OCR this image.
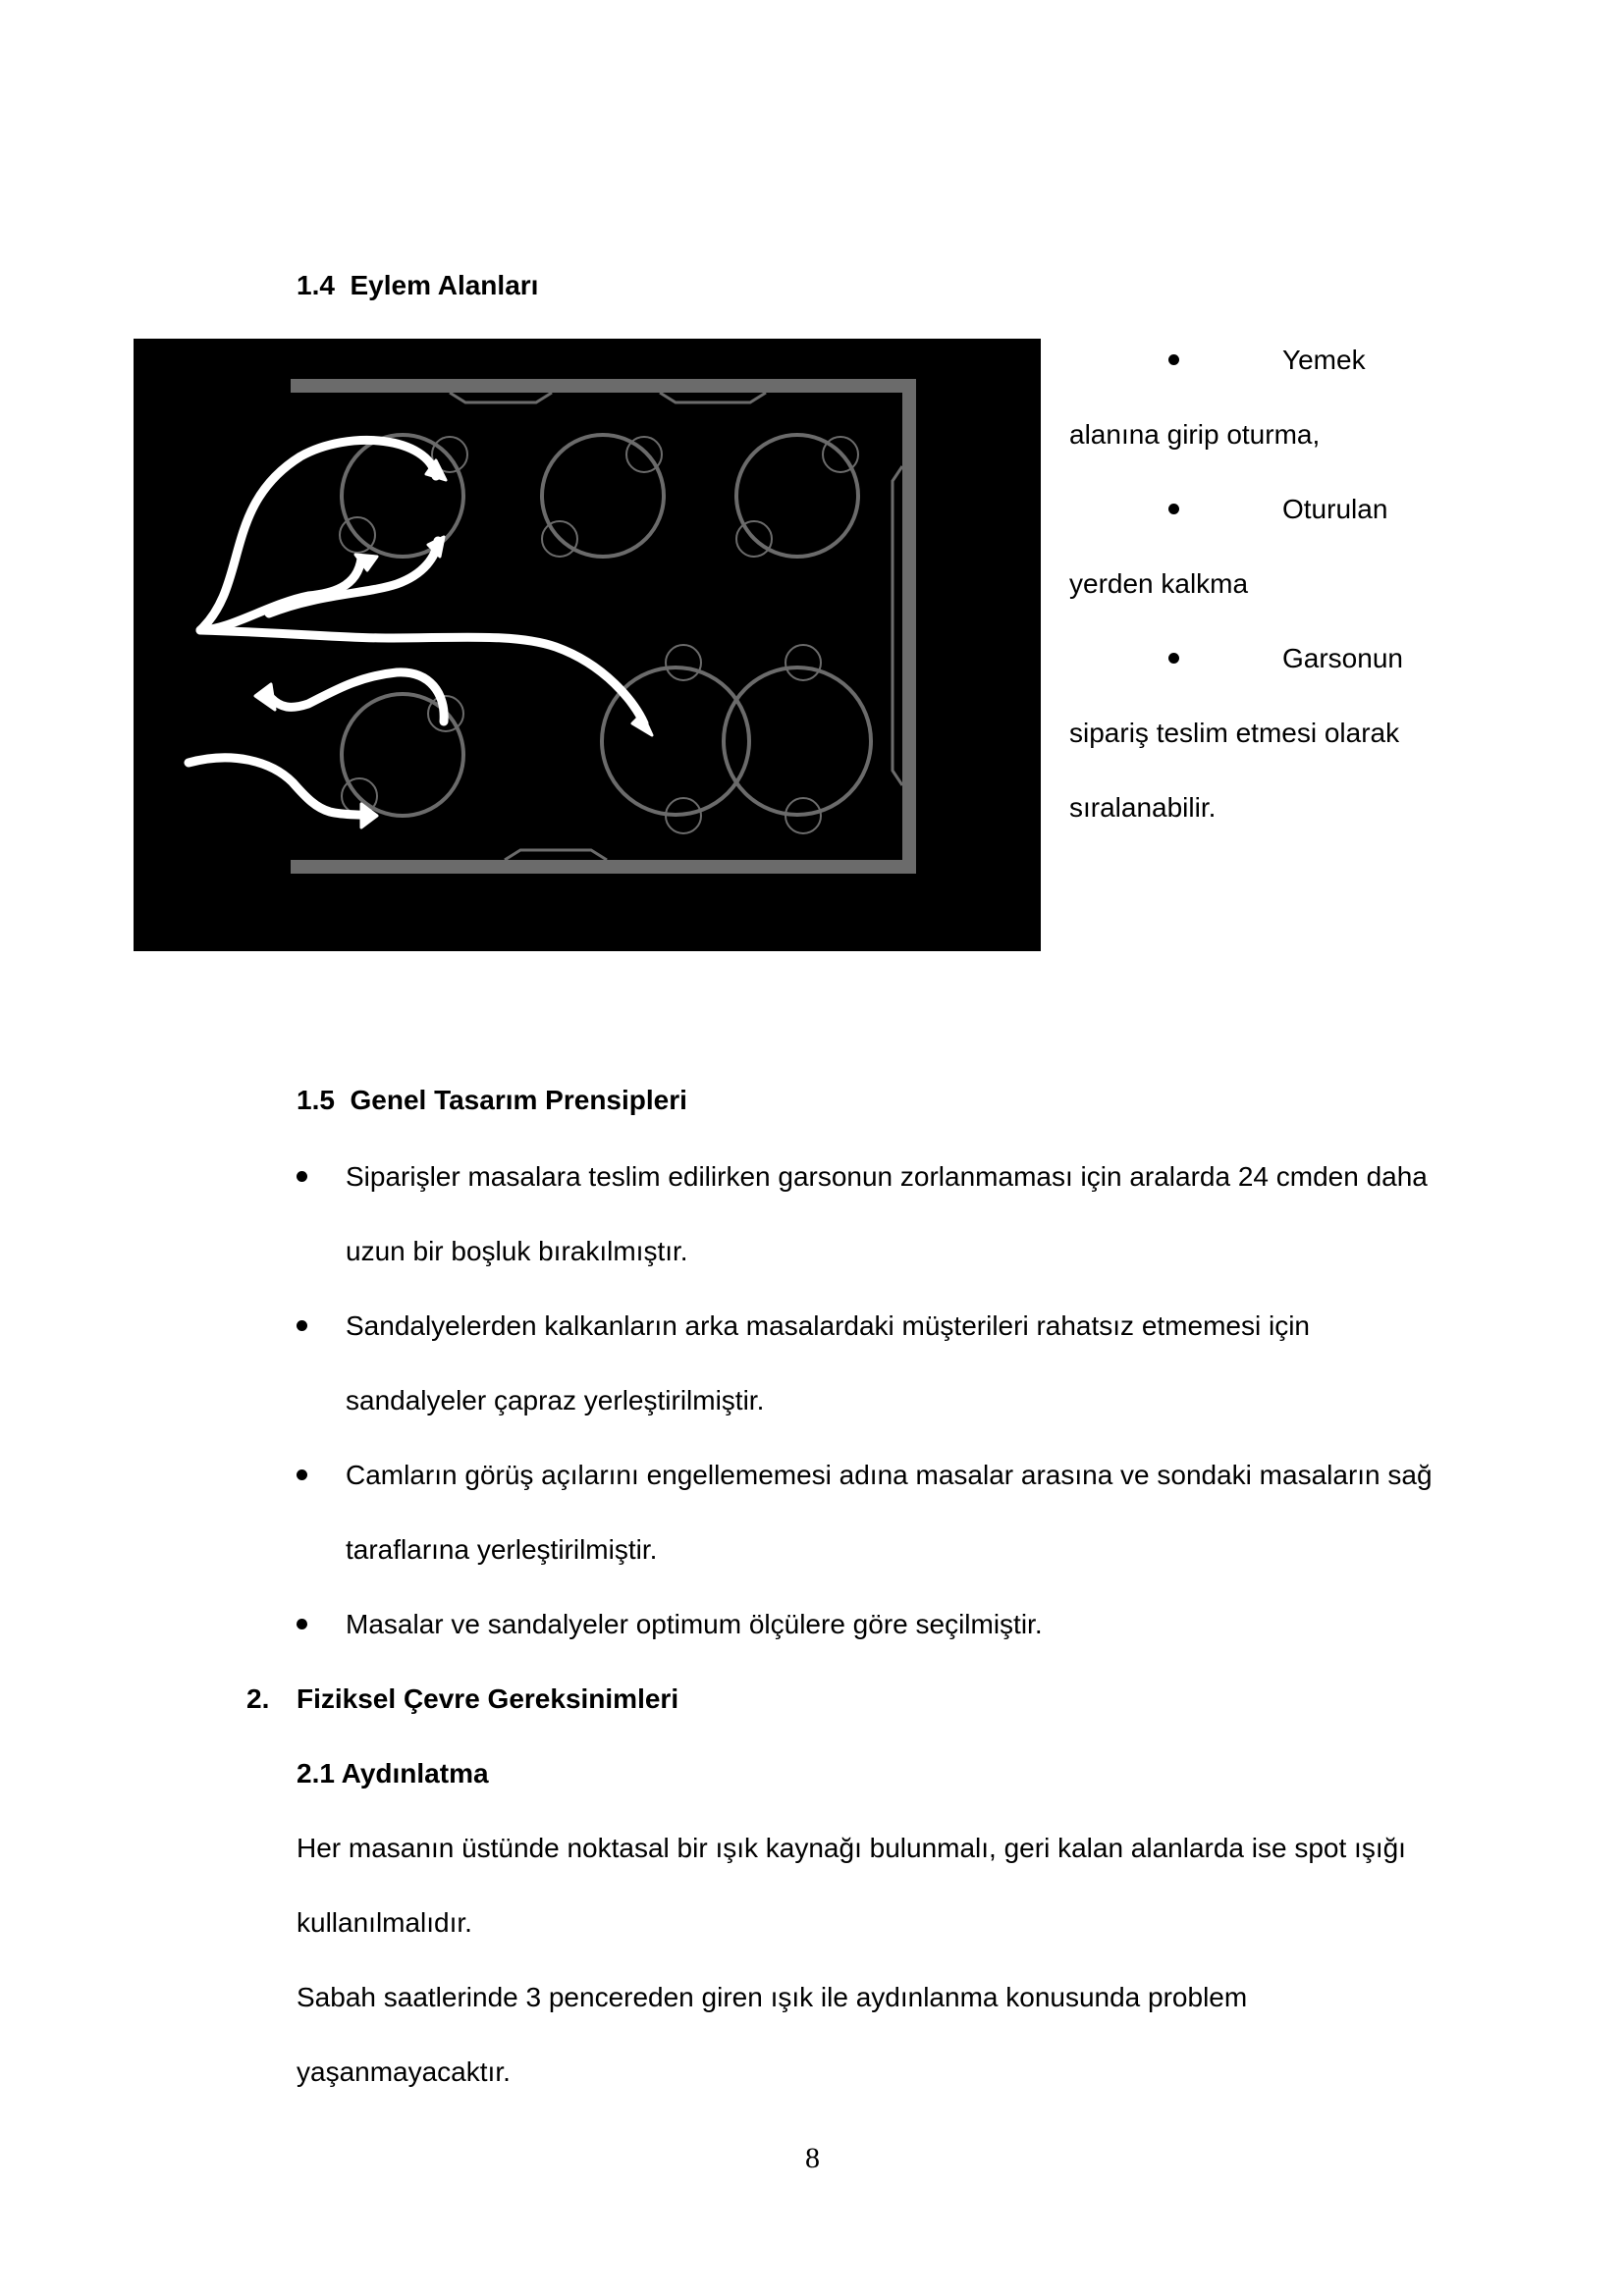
1.4 Eylem Alanları
Yemek
alanına girip oturma,
Oturulan
yerden kalkma
Garsonun
sipariş teslim etmesi olarak
sıralanabilir.
1.5 Genel Tasarım Prensipleri
Siparişler masalara teslim edilirken garsonun zorlanmaması için aralarda 24 cmden daha
uzun bir boşluk bırakılmıştır.
Sandalyelerden kalkanların arka masalardaki müşterileri rahatsız etmemesi için
sandalyeler çapraz yerleştirilmiştir.
Camların görüş açılarını engellememesi adına masalar arasına ve sondaki masaların sağ
taraflarına yerleştirilmiştir.
Masalar ve sandalyeler optimum ölçülere göre seçilmiştir.
2. Fiziksel Çevre Gereksinimleri
2.1 Aydınlatma
Her masanın üstünde noktasal bir ışık kaynağı bulunmalı, geri kalan alanlarda ise spot ışığı
kullanılmalıdır.
Sabah saatlerinde 3 pencereden giren ışık ile aydınlanma konusunda problem
yaşanmayacaktır.
8
